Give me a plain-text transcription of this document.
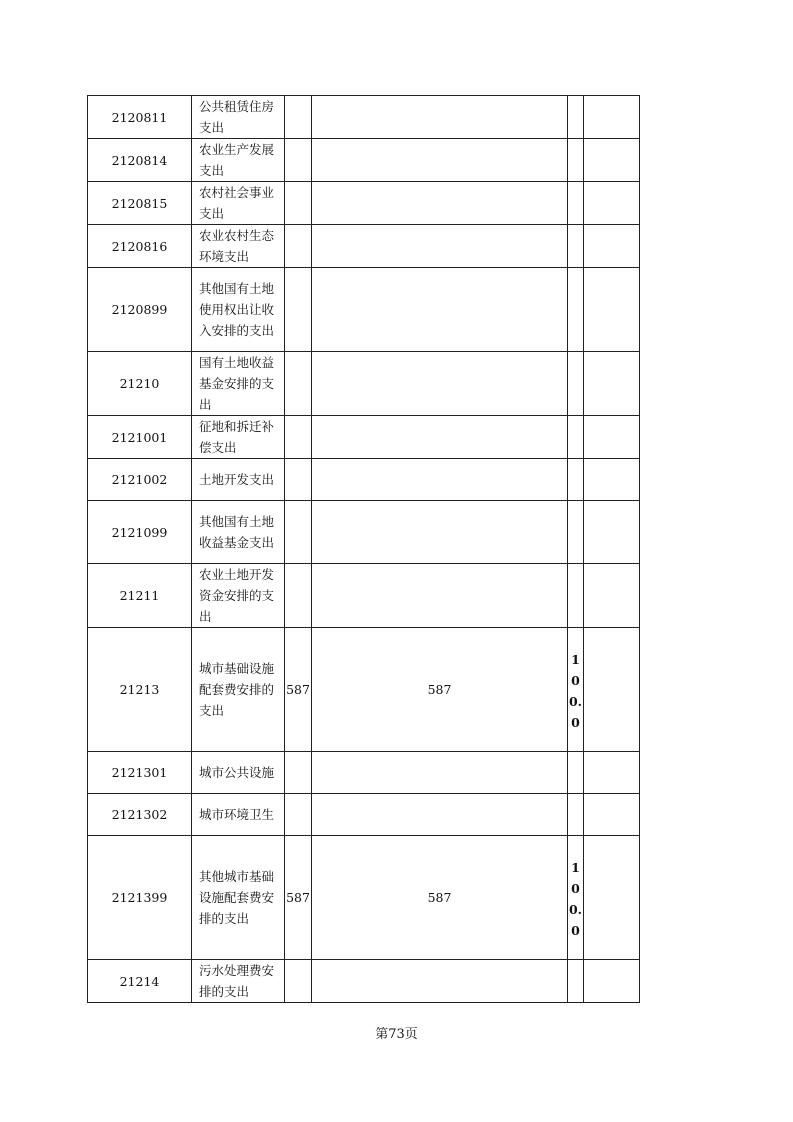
2120811	公共租赁住房支出				
2120814	农业生产发展支出				
2120815	农村社会事业支出				
2120816	农业农村生态环境支出				
2120899	其他国有土地使用权出让收入安排的支出				
21210	国有土地收益基金安排的支出				
2121001	征地和拆迁补偿支出				
2121002	土地开发支出				
2121099	其他国有土地收益基金支出				
21211	农业土地开发资金安排的支出				
21213	城市基础设施配套费安排的支出	587	587	100.0	
2121301	城市公共设施				
2121302	城市环境卫生				
2121399	其他城市基础设施配套费安排的支出	587	587	100.0	
21214	污水处理费安排的支出				
第73页
